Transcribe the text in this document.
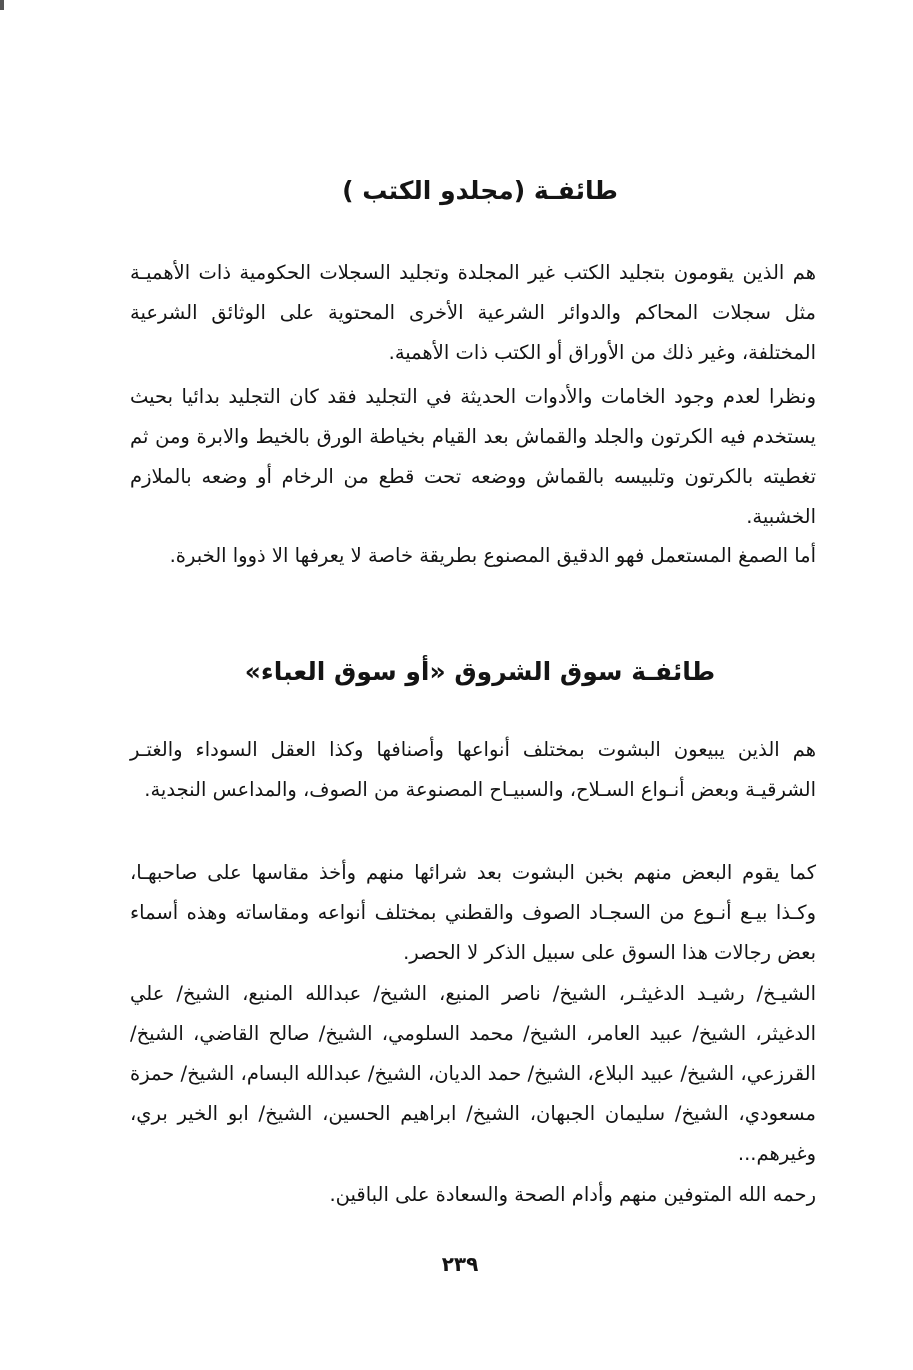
طائفـة (مجلدو الكتب )

هم الذين يقومون بتجليد الكتب غير المجلدة وتجليد السجلات الحكومية ذات الأهميـة مثل سجلات المحاكم والدوائر الشرعية الأخرى المحتوية على الوثائق الشرعية المختلفة، وغير ذلك من الأوراق أو الكتب ذات الأهمية.

ونظرا لعدم وجود الخامات والأدوات الحديثة في التجليد فقد كان التجليد بدائيا بحيث يستخدم فيه الكرتون والجلد والقماش بعد القيام بخياطة الورق بالخيط والابرة ومن ثم تغطيته بالكرتون وتلبيسه بالقماش ووضعه تحت قطع من الرخام أو وضعه بالملازم الخشبية.

أما الصمغ المستعمل فهو الدقيق المصنوع بطريقة خاصة لا يعرفها الا ذووا الخبرة.

طائفـة سوق الشروق «أو سوق العباء»

هم الذين يبيعون البشوت بمختلف أنواعها وأصنافها وكذا العقل السوداء والغتـر الشرقيـة وبعض أنـواع السـلاح، والسبيـاح المصنوعة من الصوف، والمداعس النجدية.

كما يقوم البعض منهم بخبن البشوت بعد شرائها منهم وأخذ مقاسها على صاحبهـا، وكـذا بيـع أنـوع من السجـاد الصوف والقطني بمختلف أنواعه ومقاساته وهذه أسماء بعض رجالات هذا السوق على سبيل الذكر لا الحصر.

الشيـخ/ رشيـد الدغيثـر، الشيخ/ ناصر المنيع، الشيخ/ عبدالله المنيع، الشيخ/ علي الدغيثر، الشيخ/ عبيد العامر، الشيخ/ محمد السلومي، الشيخ/ صالح القاضي، الشيخ/ القرزعي، الشيخ/ عبيد البلاع، الشيخ/ حمد الديان، الشيخ/ عبدالله البسام، الشيخ/ حمزة مسعودي، الشيخ/ سليمان الجبهان، الشيخ/ ابراهيم الحسين، الشيخ/ ابو الخير بري، وغيرهم...

رحمه الله المتوفين منهم وأدام الصحة والسعادة على الباقين.

٢٣٩
